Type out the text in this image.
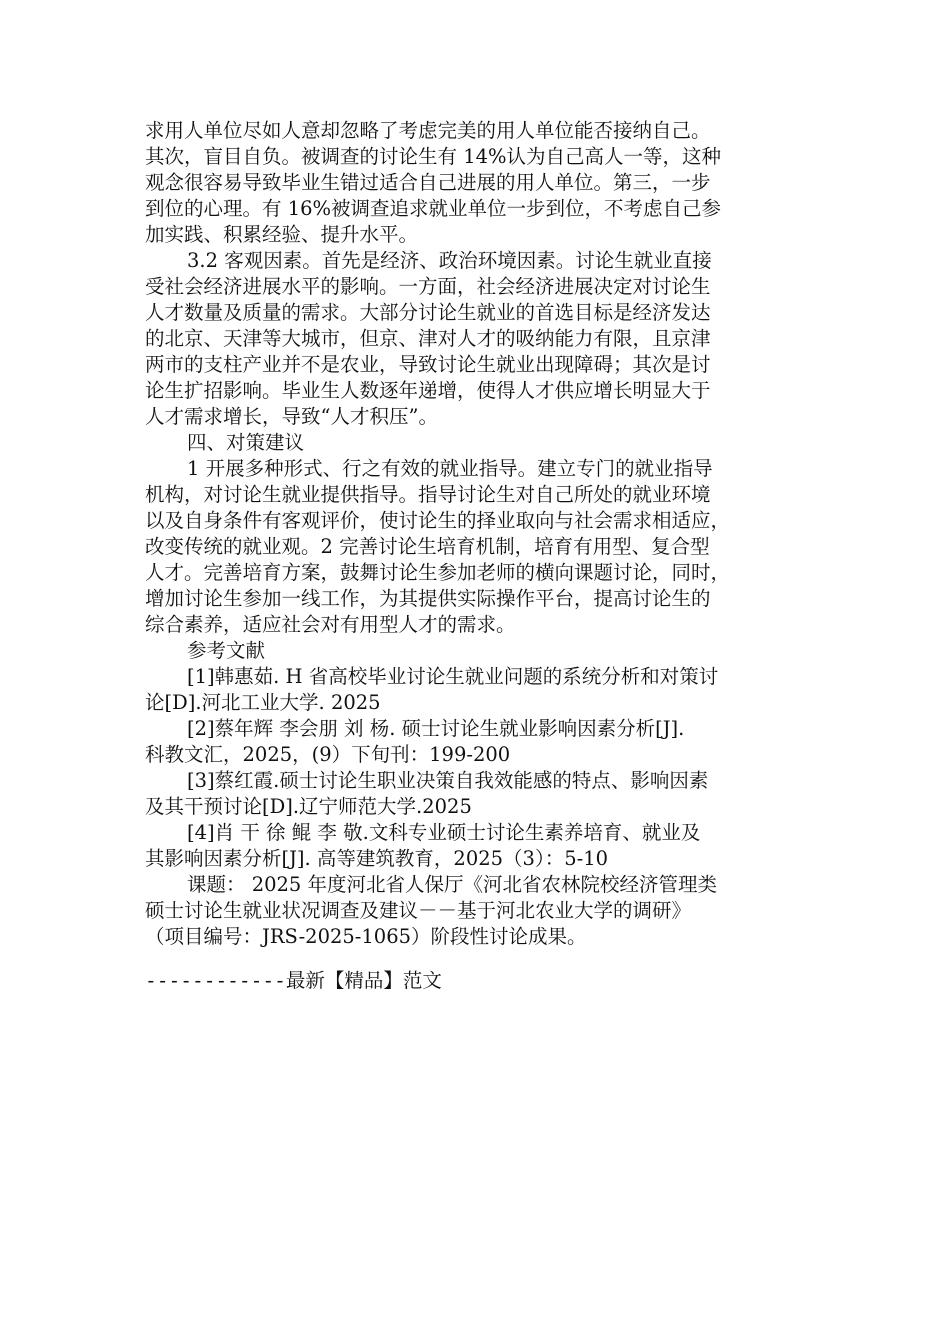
求用人单位尽如人意却忽略了考虑完美的用人单位能否接纳自己。
其次，盲目自负。被调查的讨论生有 14%认为自己高人一等，这种
观念很容易导致毕业生错过适合自己进展的用人单位。第三，一步
到位的心理。有 16%被调查追求就业单位一步到位，不考虑自己参
加实践、积累经验、提升水平。

3.2 客观因素。首先是经济、政治环境因素。讨论生就业直接
受社会经济进展水平的影响。一方面，社会经济进展决定对讨论生
人才数量及质量的需求。大部分讨论生就业的首选目标是经济发达
的北京、天津等大城市，但京、津对人才的吸纳能力有限，且京津
两市的支柱产业并不是农业，导致讨论生就业出现障碍；其次是讨
论生扩招影响。毕业生人数逐年递增，使得人才供应增长明显大于
人才需求增长，导致“人才积压”。

四、对策建议

1 开展多种形式、行之有效的就业指导。建立专门的就业指导
机构，对讨论生就业提供指导。指导讨论生对自己所处的就业环境
以及自身条件有客观评价，使讨论生的择业取向与社会需求相适应，
改变传统的就业观。2 完善讨论生培育机制，培育有用型、复合型
人才。完善培育方案，鼓舞讨论生参加老师的横向课题讨论，同时，
增加讨论生参加一线工作，为其提供实际操作平台，提高讨论生的
综合素养，适应社会对有用型人才的需求。

参考文献

[1]韩惠茹. H 省高校毕业讨论生就业问题的系统分析和对策讨
论[D].河北工业大学. 2025

[2]蔡年辉 李会朋 刘 杨. 硕士讨论生就业影响因素分析[J].
科教文汇，2025，(9）下旬刊：199-200

[3]蔡红霞.硕士讨论生职业决策自我效能感的特点、影响因素
及其干预讨论[D].辽宁师范大学.2025

[4]肖 干 徐 鲲 李 敬.文科专业硕士讨论生素养培育、就业及
其影响因素分析[J]. 高等建筑教育，2025（3）：5-10

课题： 2025 年度河北省人保厅《河北省农林院校经济管理类
硕士讨论生就业状况调查及建议－－基于河北农业大学的调研》
（项目编号：JRS-2025-1065）阶段性讨论成果。

------------最新【精品】范文
